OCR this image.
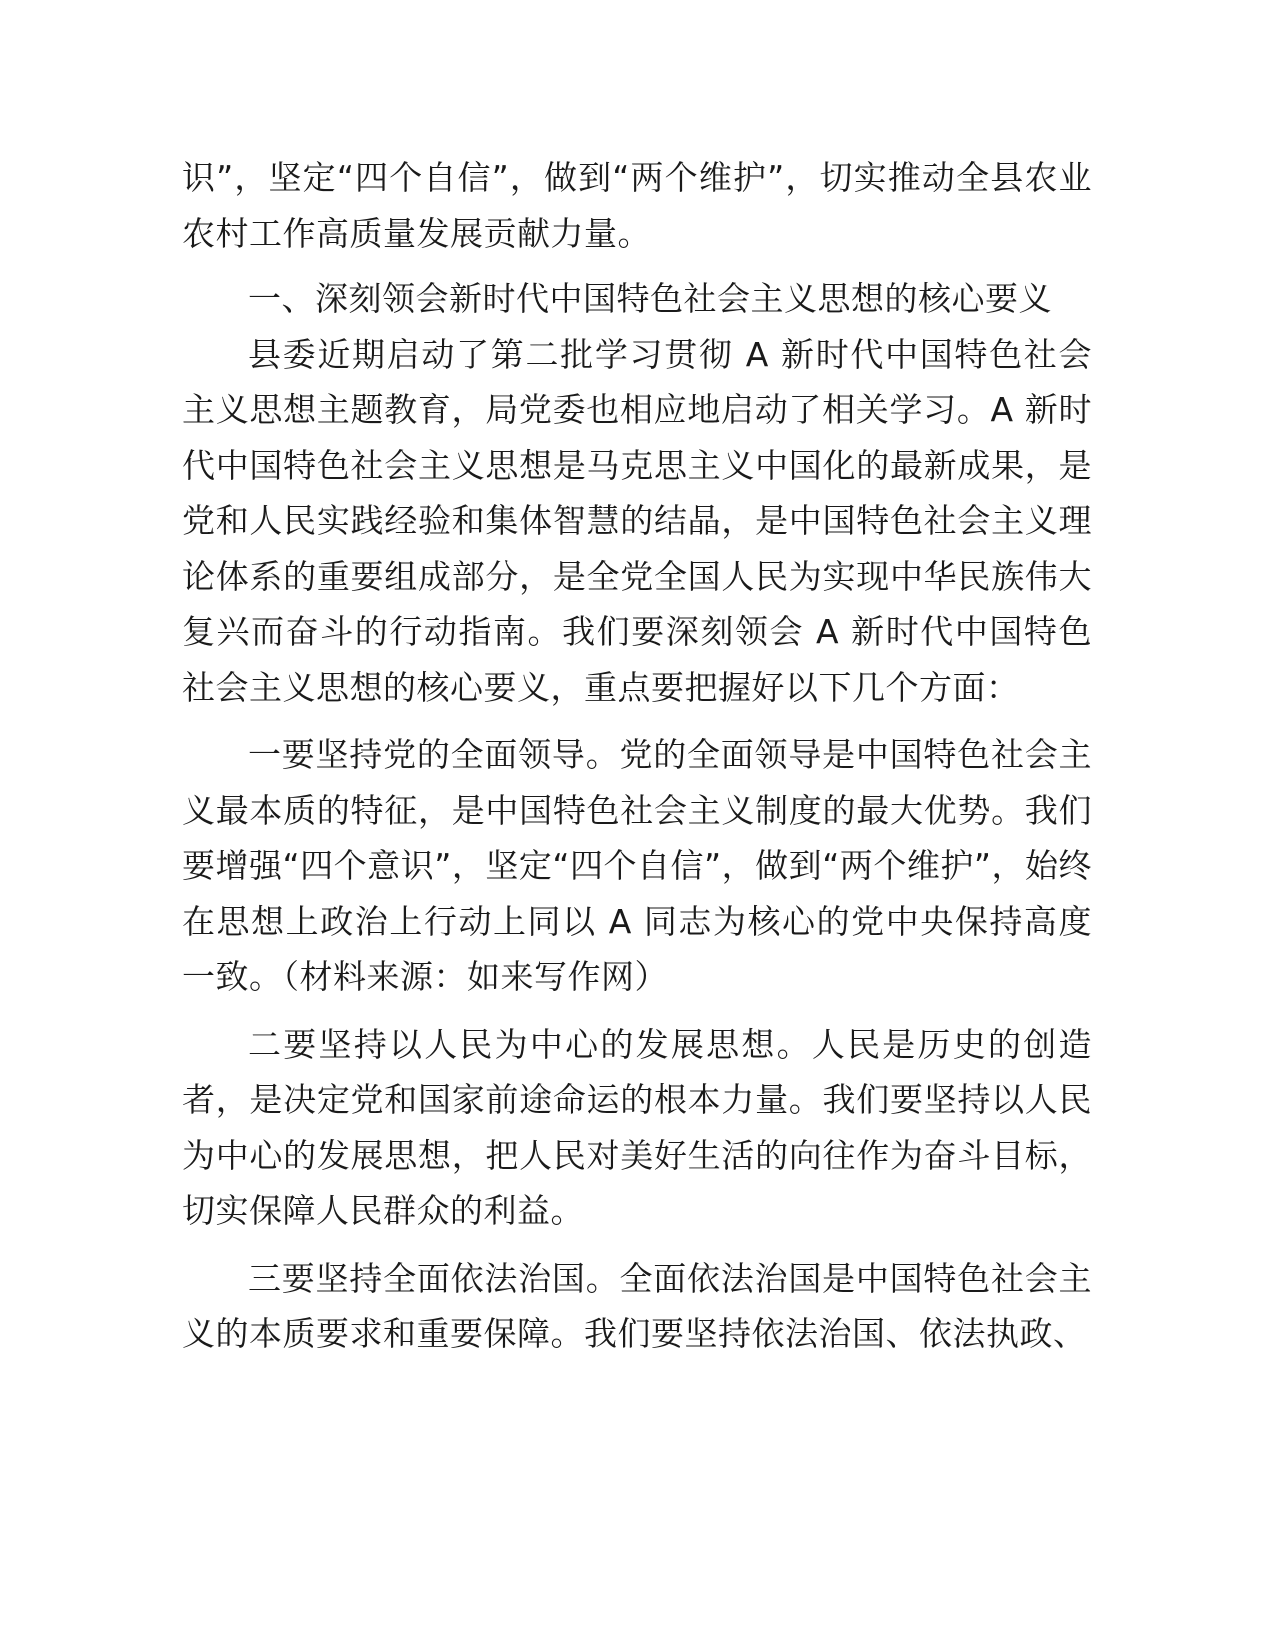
识”，坚定“四个自信”，做到“两个维护”，切实推动全县农业农村工作高质量发展贡献力量。

一、深刻领会新时代中国特色社会主义思想的核心要义

县委近期启动了第二批学习贯彻 A 新时代中国特色社会主义思想主题教育，局党委也相应地启动了相关学习。A 新时代中国特色社会主义思想是马克思主义中国化的最新成果，是党和人民实践经验和集体智慧的结晶，是中国特色社会主义理论体系的重要组成部分，是全党全国人民为实现中华民族伟大复兴而奋斗的行动指南。我们要深刻领会 A 新时代中国特色社会主义思想的核心要义，重点要把握好以下几个方面：

一要坚持党的全面领导。党的全面领导是中国特色社会主义最本质的特征，是中国特色社会主义制度的最大优势。我们要增强“四个意识”，坚定“四个自信”，做到“两个维护”，始终在思想上政治上行动上同以 A 同志为核心的党中央保持高度一致。（材料来源：如来写作网）

二要坚持以人民为中心的发展思想。人民是历史的创造者，是决定党和国家前途命运的根本力量。我们要坚持以人民为中心的发展思想，把人民对美好生活的向往作为奋斗目标，切实保障人民群众的利益。

三要坚持全面依法治国。全面依法治国是中国特色社会主义的本质要求和重要保障。我们要坚持依法治国、依法执政、
